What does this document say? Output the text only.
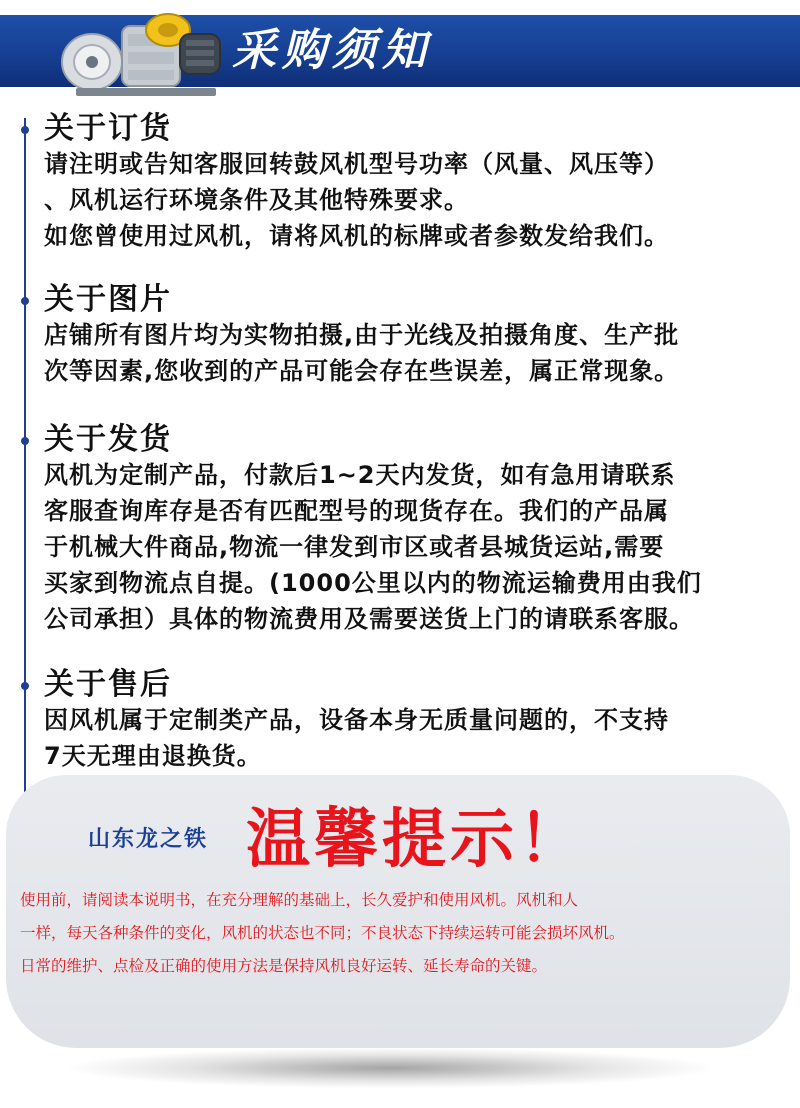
采购须知

关于订货

请注明或告知客服回转鼓风机型号功率（风量、风压等）

、风机运行环境条件及其他特殊要求。

如您曾使用过风机，请将风机的标牌或者参数发给我们。

关于图片

店铺所有图片均为实物拍摄,由于光线及拍摄角度、生产批

次等因素,您收到的产品可能会存在些误差，属正常现象。

关于发货

风机为定制产品，付款后1~2天内发货，如有急用请联系

客服查询库存是否有匹配型号的现货存在。我们的产品属

于机械大件商品,物流一律发到市区或者县城货运站,需要

买家到物流点自提。(1000公里以内的物流运输费用由我们

公司承担）具体的物流费用及需要送货上门的请联系客服。

关于售后

因风机属于定制类产品，设备本身无质量问题的，不支持

7天无理由退换货。

山东龙之铁 温馨提示！

使用前，请阅读本说明书，在充分理解的基础上，长久爱护和使用风机。风机和人

一样，每天各种条件的变化，风机的状态也不同；不良状态下持续运转可能会损坏风机。

日常的维护、点检及正确的使用方法是保持风机良好运转、延长寿命的关键。
